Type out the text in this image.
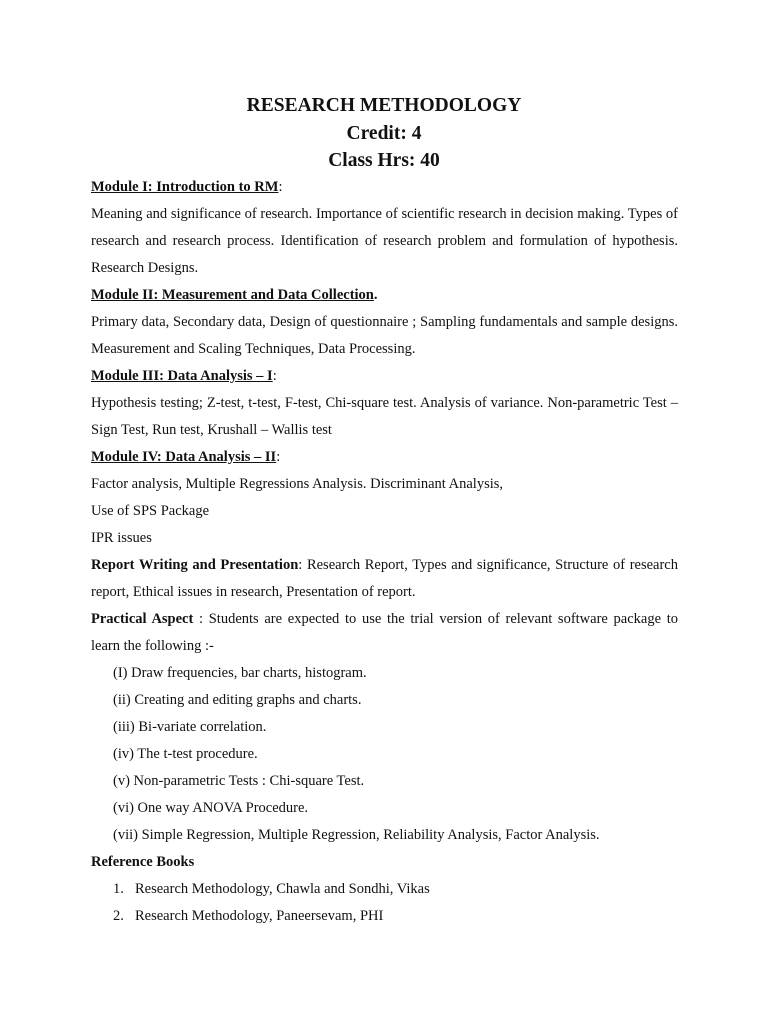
RESEARCH METHODOLOGY
Credit: 4
Class Hrs: 40

Module I: Introduction to RM:

Meaning and significance of research. Importance of scientific research in decision making. Types of research and research process. Identification of research problem and formulation of hypothesis. Research Designs.

Module II: Measurement and Data Collection.

Primary data, Secondary data, Design of questionnaire ; Sampling fundamentals and sample designs. Measurement and Scaling Techniques, Data Processing.

Module III: Data Analysis – I:

Hypothesis testing; Z-test, t-test, F-test, Chi-square test. Analysis of variance. Non-parametric Test – Sign Test, Run test, Krushall – Wallis test

Module IV: Data Analysis – II:

Factor analysis, Multiple Regressions Analysis. Discriminant Analysis,

Use of SPS Package

IPR issues

Report Writing and Presentation: Research Report, Types and significance, Structure of research report, Ethical issues in research, Presentation of report.

Practical Aspect : Students are expected to use the trial version of relevant software package to learn the following :-

(I) Draw frequencies, bar charts, histogram.
(ii) Creating and editing graphs and charts.
(iii) Bi-variate correlation.
(iv) The t-test procedure.
(v) Non-parametric Tests : Chi-square Test.
(vi) One way ANOVA Procedure.
(vii) Simple Regression, Multiple Regression, Reliability Analysis, Factor Analysis.

Reference Books

1. Research Methodology, Chawla and Sondhi, Vikas
2. Research Methodology, Paneersevam, PHI
